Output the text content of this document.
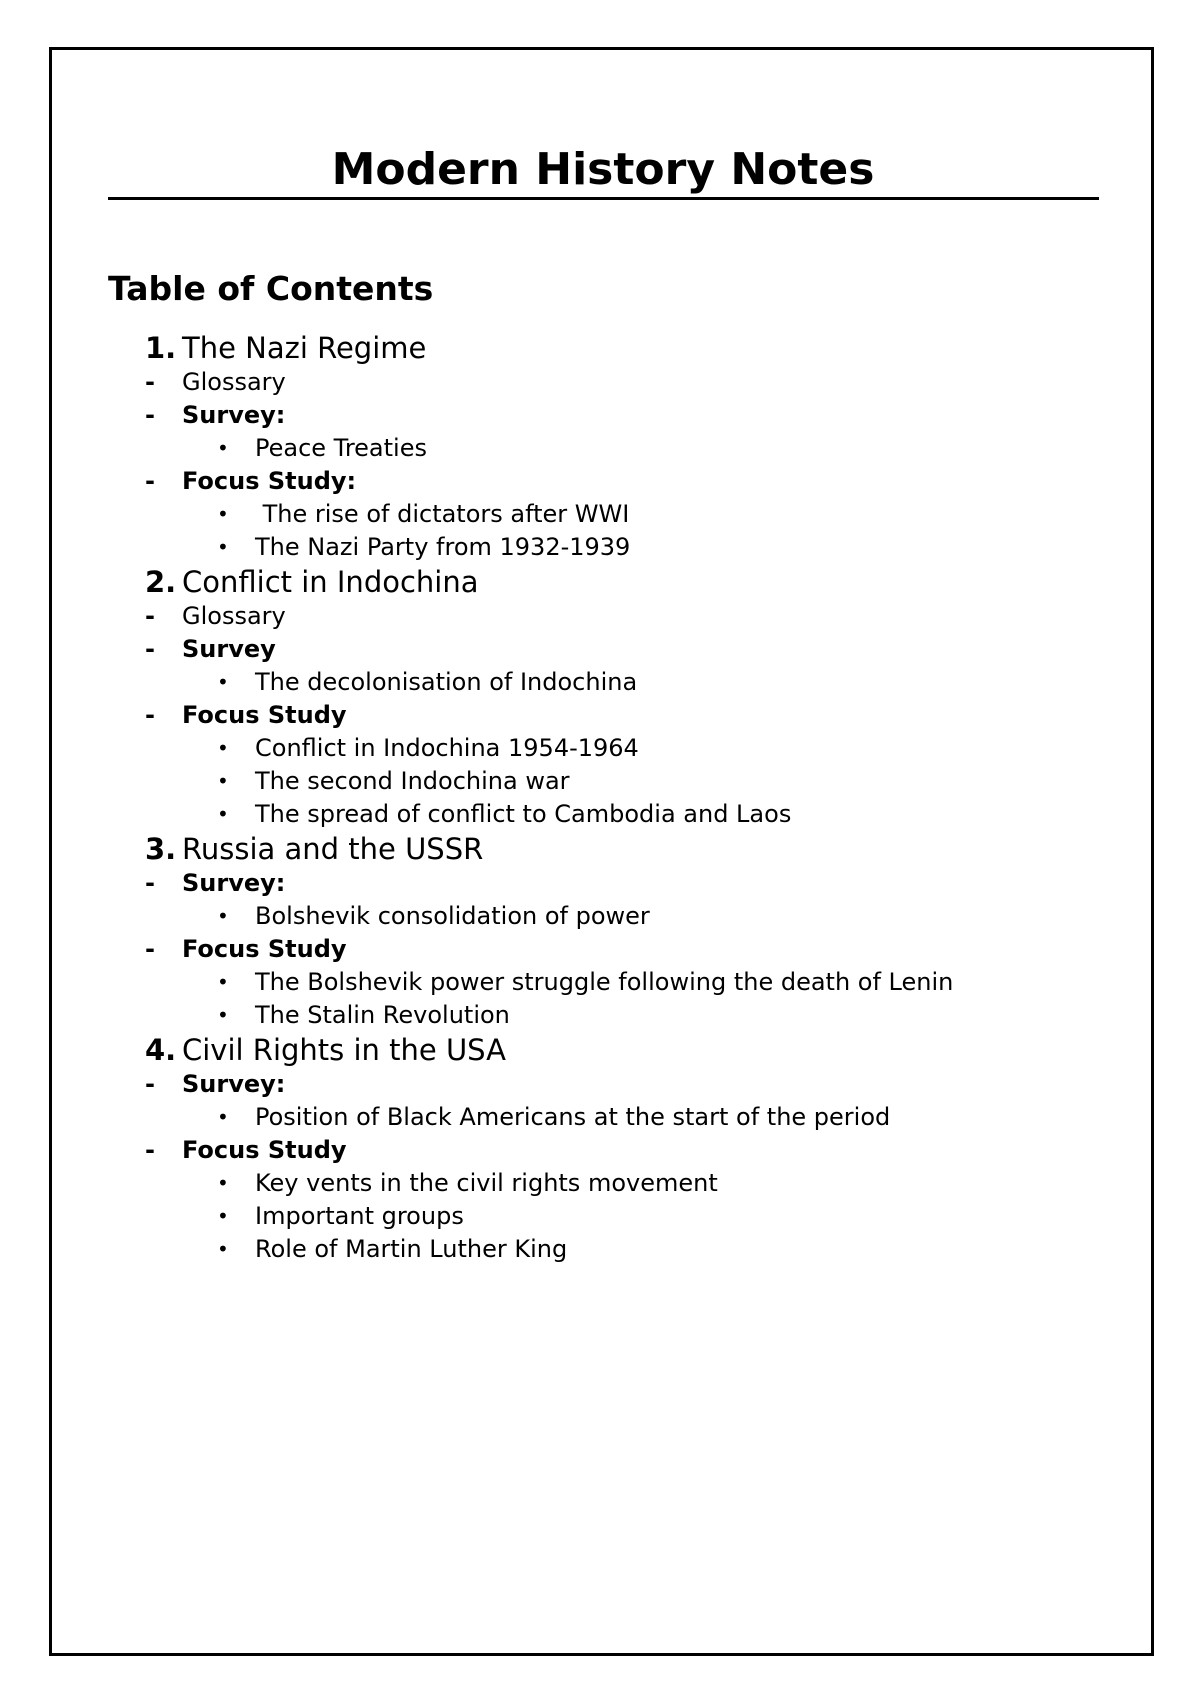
Modern History Notes
Table of Contents
1. The Nazi Regime
- Glossary
- Survey:
• Peace Treaties
- Focus Study:
• The rise of dictators after WWI
• The Nazi Party from 1932-1939
2. Conflict in Indochina
- Glossary
- Survey
• The decolonisation of Indochina
- Focus Study
• Conflict in Indochina 1954-1964
• The second Indochina war
• The spread of conflict to Cambodia and Laos
3. Russia and the USSR
- Survey:
• Bolshevik consolidation of power
- Focus Study
• The Bolshevik power struggle following the death of Lenin
• The Stalin Revolution
4. Civil Rights in the USA
- Survey:
• Position of Black Americans at the start of the period
- Focus Study
• Key vents in the civil rights movement
• Important groups
• Role of Martin Luther King
